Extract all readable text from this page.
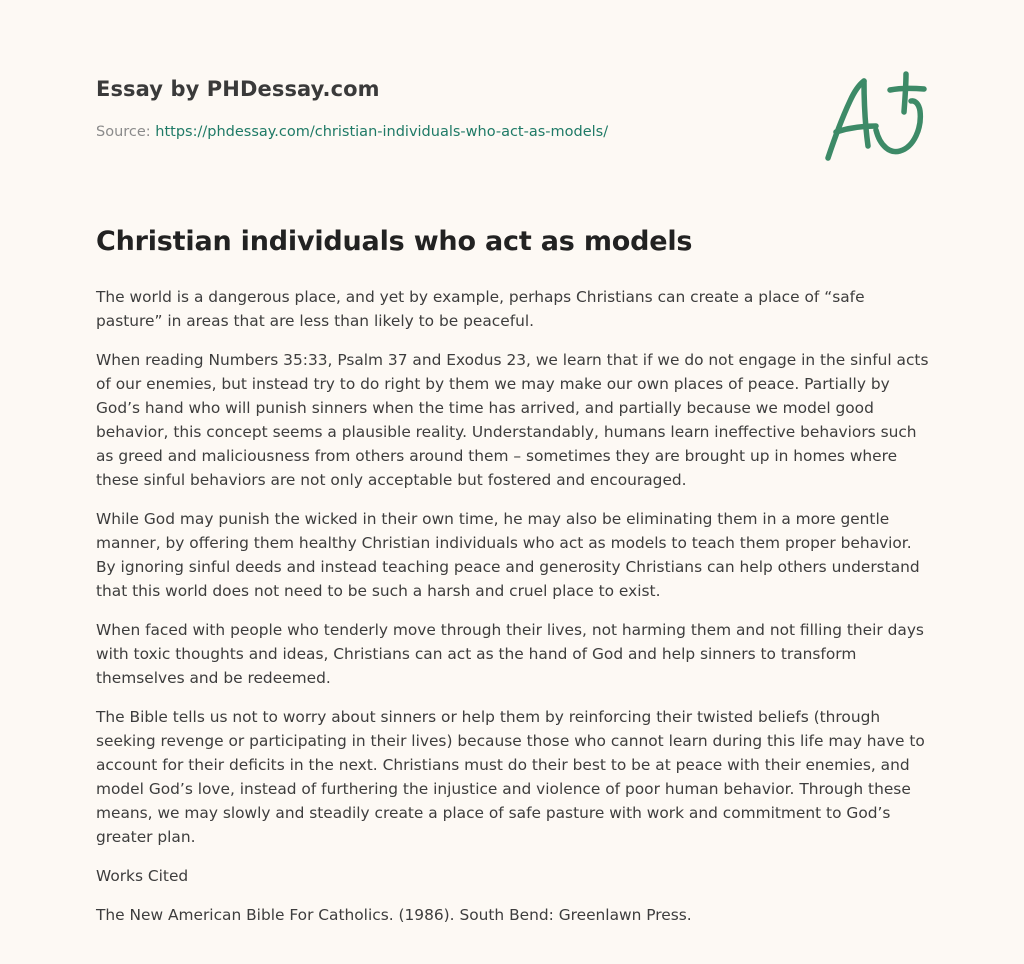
Essay by PHDessay.com
Source: https://phdessay.com/christian-individuals-who-act-as-models/
Christian individuals who act as models

The world is a dangerous place, and yet by example, perhaps Christians can create a place of “safe pasture” in areas that are less than likely to be peaceful.

When reading Numbers 35:33, Psalm 37 and Exodus 23, we learn that if we do not engage in the sinful acts of our enemies, but instead try to do right by them we may make our own places of peace. Partially by God’s hand who will punish sinners when the time has arrived, and partially because we model good behavior, this concept seems a plausible reality. Understandably, humans learn ineffective behaviors such as greed and maliciousness from others around them – sometimes they are brought up in homes where these sinful behaviors are not only acceptable but fostered and encouraged.

While God may punish the wicked in their own time, he may also be eliminating them in a more gentle manner, by offering them healthy Christian individuals who act as models to teach them proper behavior. By ignoring sinful deeds and instead teaching peace and generosity Christians can help others understand that this world does not need to be such a harsh and cruel place to exist.

When faced with people who tenderly move through their lives, not harming them and not filling their days with toxic thoughts and ideas, Christians can act as the hand of God and help sinners to transform themselves and be redeemed.

The Bible tells us not to worry about sinners or help them by reinforcing their twisted beliefs (through seeking revenge or participating in their lives) because those who cannot learn during this life may have to account for their deficits in the next. Christians must do their best to be at peace with their enemies, and model God’s love, instead of furthering the injustice and violence of poor human behavior. Through these means, we may slowly and steadily create a place of safe pasture with work and commitment to God’s greater plan.

Works Cited

The New American Bible For Catholics. (1986). South Bend: Greenlawn Press.
